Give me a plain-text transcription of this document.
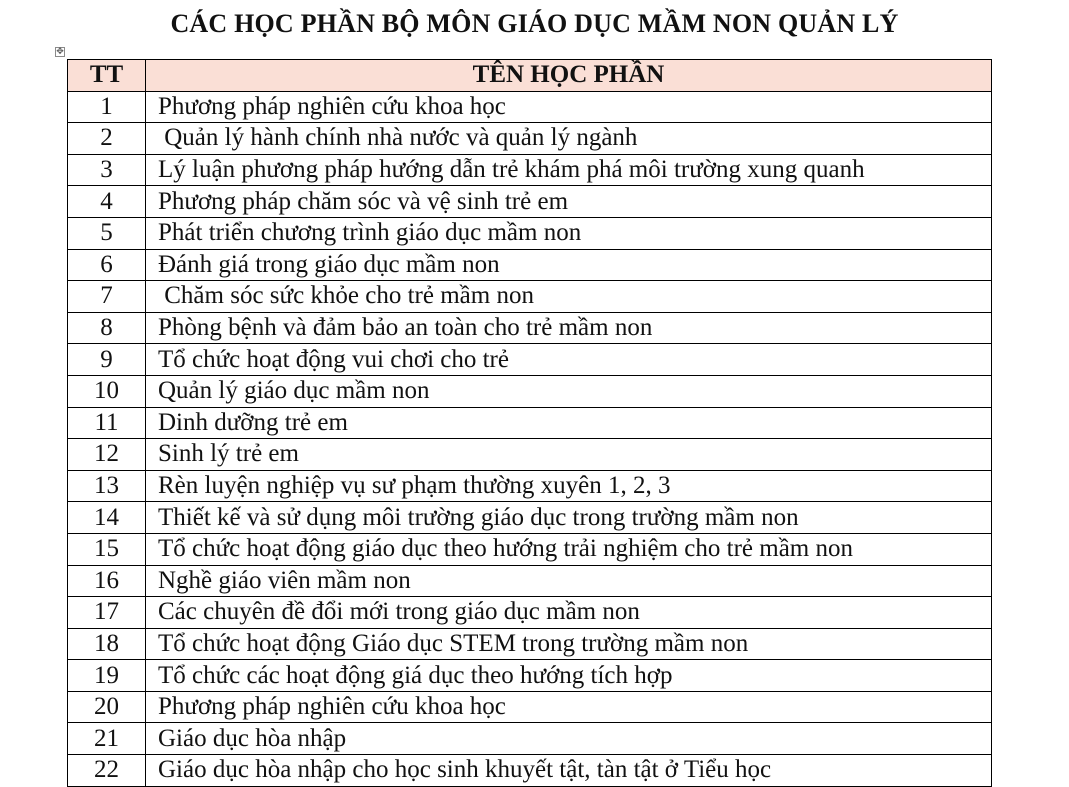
CÁC HỌC PHẦN BỘ MÔN GIÁO DỤC MẦM NON QUẢN LÝ
✥
TT	TÊN HỌC PHẦN
1	Phương pháp nghiên cứu khoa học
2	Quản lý hành chính nhà nước và quản lý ngành
3	Lý luận phương pháp hướng dẫn trẻ khám phá môi trường xung quanh
4	Phương pháp chăm sóc và vệ sinh trẻ em
5	Phát triển chương trình giáo dục mầm non
6	Đánh giá trong giáo dục mầm non
7	Chăm sóc sức khỏe cho trẻ mầm non
8	Phòng bệnh và đảm bảo an toàn cho trẻ mầm non
9	Tổ chức hoạt động vui chơi cho trẻ
10	Quản lý giáo dục mầm non
11	Dinh dưỡng trẻ em
12	Sinh lý trẻ em
13	Rèn luyện nghiệp vụ sư phạm thường xuyên 1, 2, 3
14	Thiết kế và sử dụng môi trường giáo dục trong trường mầm non
15	Tổ chức hoạt động giáo dục theo hướng trải nghiệm cho trẻ mầm non
16	Nghề giáo viên mầm non
17	Các chuyên đề đổi mới trong giáo dục mầm non
18	Tổ chức hoạt động Giáo dục STEM trong trường mầm non
19	Tổ chức các hoạt động giá dục theo hướng tích hợp
20	Phương pháp nghiên cứu khoa học
21	Giáo dục hòa nhập
22	Giáo dục hòa nhập cho học sinh khuyết tật, tàn tật ở Tiểu học
